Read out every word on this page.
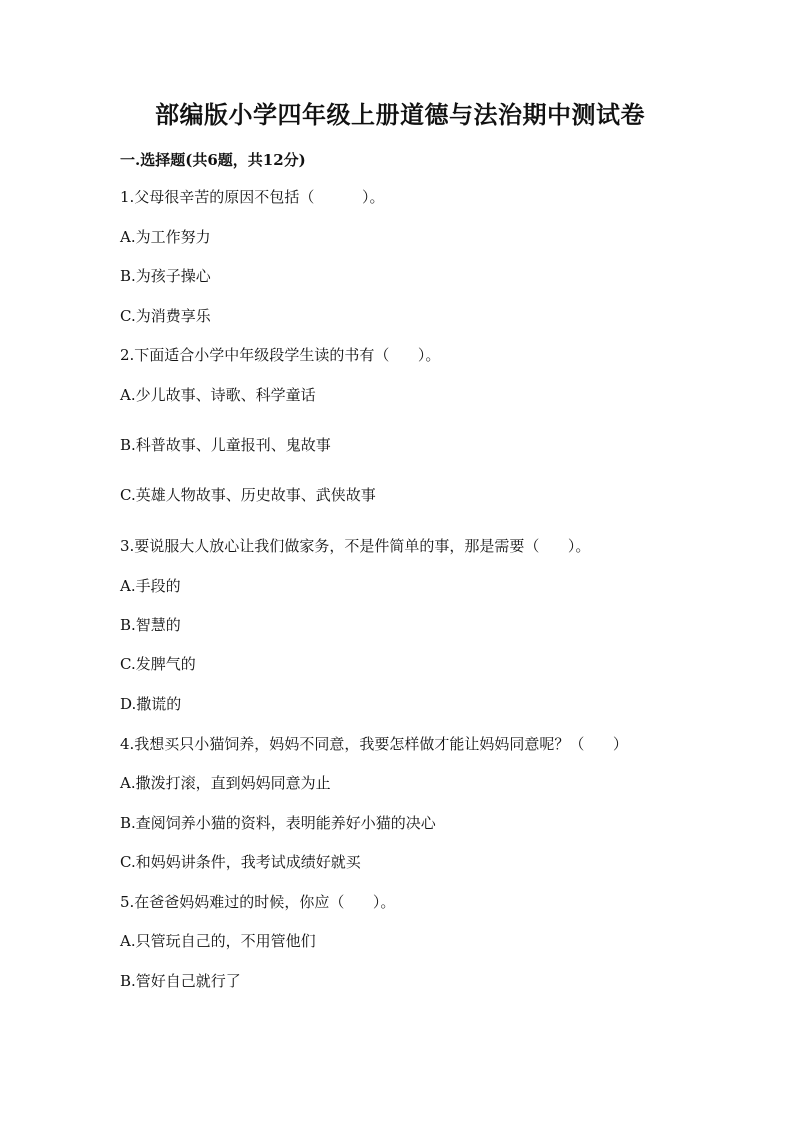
部编版小学四年级上册道德与法治期中测试卷
一.选择题(共6题，共12分)
1.父母很辛苦的原因不包括（          ）。
A.为工作努力
B.为孩子操心
C.为消费享乐
2.下面适合小学中年级段学生读的书有（      ）。
A.少儿故事、诗歌、科学童话
B.科普故事、儿童报刊、鬼故事
C.英雄人物故事、历史故事、武侠故事
3.要说服大人放心让我们做家务，不是件简单的事，那是需要（      ）。
A.手段的
B.智慧的
C.发脾气的
D.撒谎的
4.我想买只小猫饲养，妈妈不同意，我要怎样做才能让妈妈同意呢？（      ）
A.撒泼打滚，直到妈妈同意为止
B.查阅饲养小猫的资料，表明能养好小猫的决心
C.和妈妈讲条件，我考试成绩好就买
5.在爸爸妈妈难过的时候，你应（      ）。
A.只管玩自己的，不用管他们
B.管好自己就行了
